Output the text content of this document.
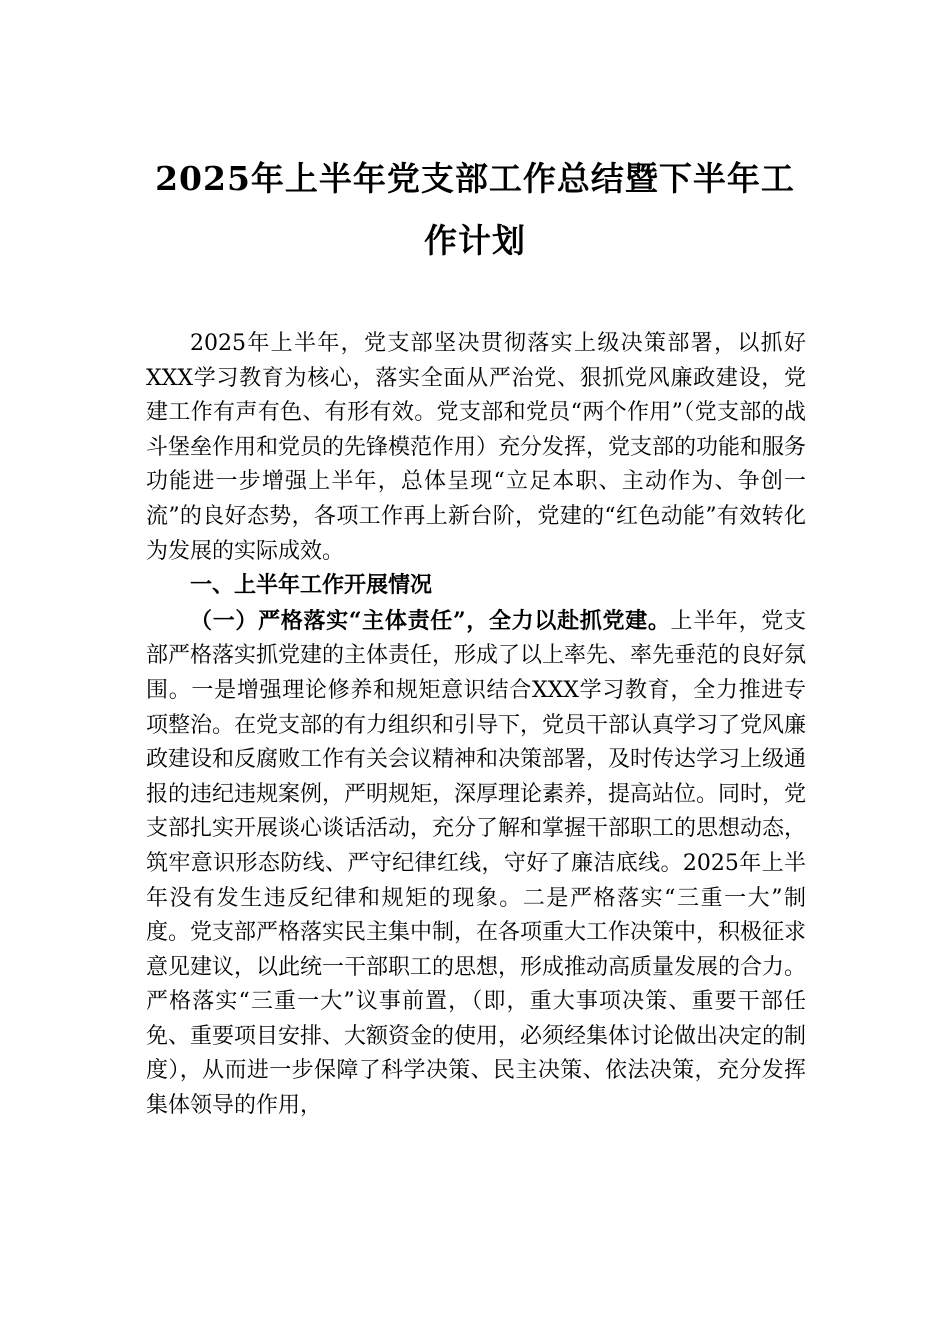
2025年上半年党支部工作总结暨下半年工作计划

2025年上半年，党支部坚决贯彻落实上级决策部署，以抓好XXX学习教育为核心，落实全面从严治党、狠抓党风廉政建设，党建工作有声有色、有形有效。党支部和党员“两个作用”（党支部的战斗堡垒作用和党员的先锋模范作用）充分发挥，党支部的功能和服务功能进一步增强上半年，总体呈现“立足本职、主动作为、争创一流”的良好态势，各项工作再上新台阶，党建的“红色动能”有效转化为发展的实际成效。

一、上半年工作开展情况

（一）严格落实“主体责任”，全力以赴抓党建。上半年，党支部严格落实抓党建的主体责任，形成了以上率先、率先垂范的良好氛围。一是增强理论修养和规矩意识结合XXX学习教育，全力推进专项整治。在党支部的有力组织和引导下，党员干部认真学习了党风廉政建设和反腐败工作有关会议精神和决策部署，及时传达学习上级通报的违纪违规案例，严明规矩，深厚理论素养，提高站位。同时，党支部扎实开展谈心谈话活动，充分了解和掌握干部职工的思想动态，筑牢意识形态防线、严守纪律红线，守好了廉洁底线。2025年上半年没有发生违反纪律和规矩的现象。二是严格落实“三重一大”制度。党支部严格落实民主集中制，在各项重大工作决策中，积极征求意见建议，以此统一干部职工的思想，形成推动高质量发展的合力。严格落实“三重一大”议事前置，（即，重大事项决策、重要干部任免、重要项目安排、大额资金的使用，必须经集体讨论做出决定的制度），从而进一步保障了科学决策、民主决策、依法决策，充分发挥集体领导的作用，
